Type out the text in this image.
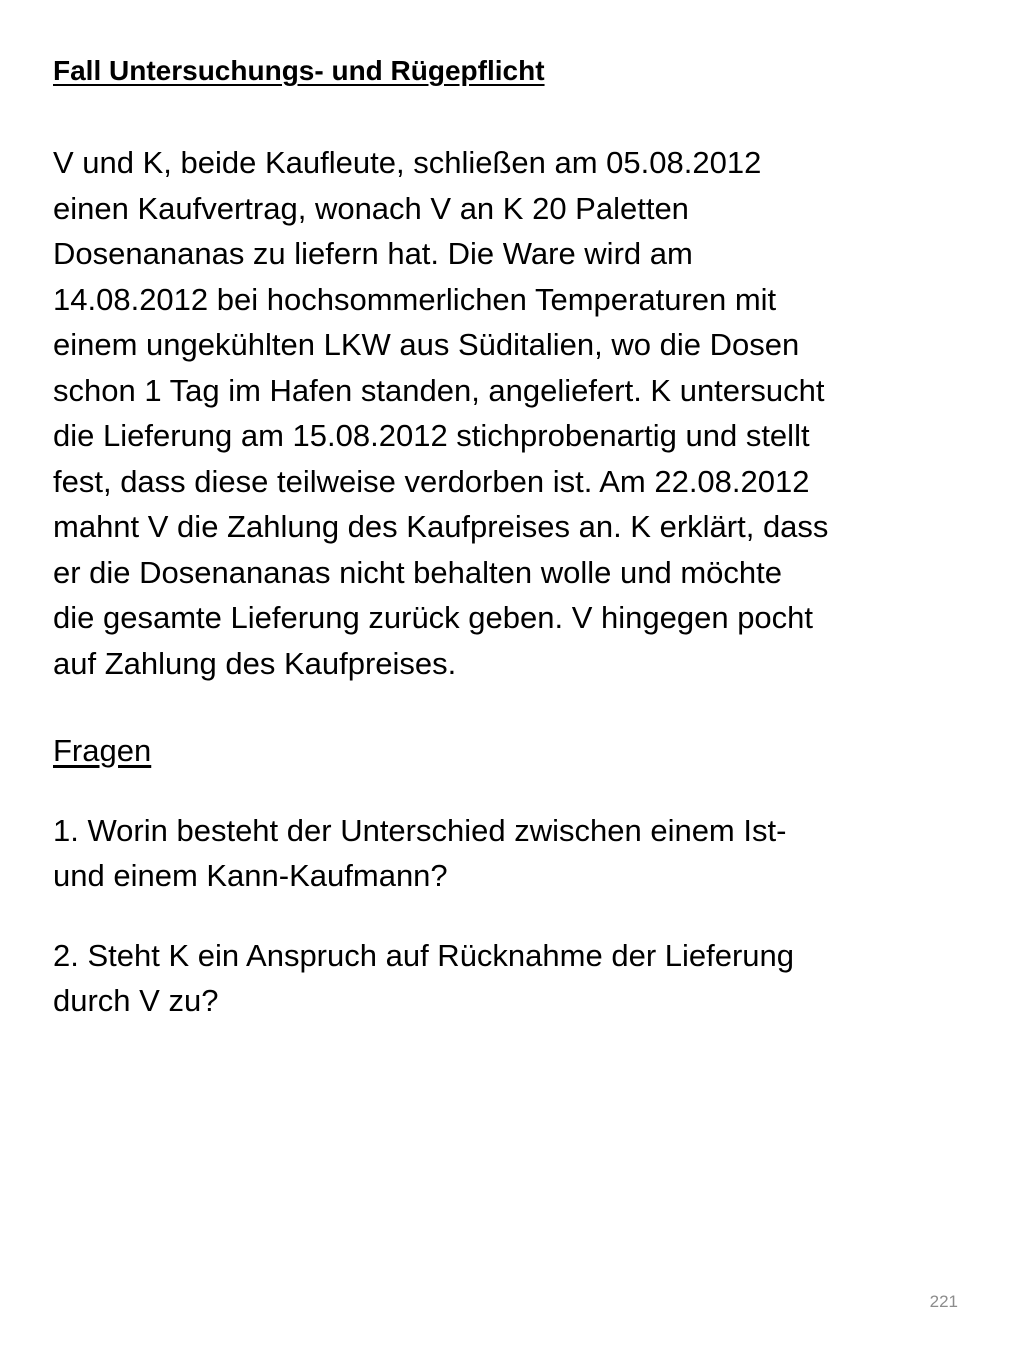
Fall Untersuchungs- und Rügepflicht

V und K, beide Kaufleute, schließen am 05.08.2012
einen Kaufvertrag, wonach V an K 20 Paletten
Dosenananas zu liefern hat. Die Ware wird am
14.08.2012 bei hochsommerlichen Temperaturen mit
einem ungekühlten LKW aus Süditalien, wo die Dosen
schon 1 Tag im Hafen standen, angeliefert. K untersucht
die Lieferung am 15.08.2012 stichprobenartig und stellt
fest, dass diese teilweise verdorben ist. Am 22.08.2012
mahnt V die Zahlung des Kaufpreises an. K erklärt, dass
er die Dosenananas nicht behalten wolle und möchte
die gesamte Lieferung zurück geben. V hingegen pocht
auf Zahlung des Kaufpreises.

Fragen

1. Worin besteht der Unterschied zwischen einem Ist-
und einem Kann-Kaufmann?

2. Steht K ein Anspruch auf Rücknahme der Lieferung
durch V zu?

221
